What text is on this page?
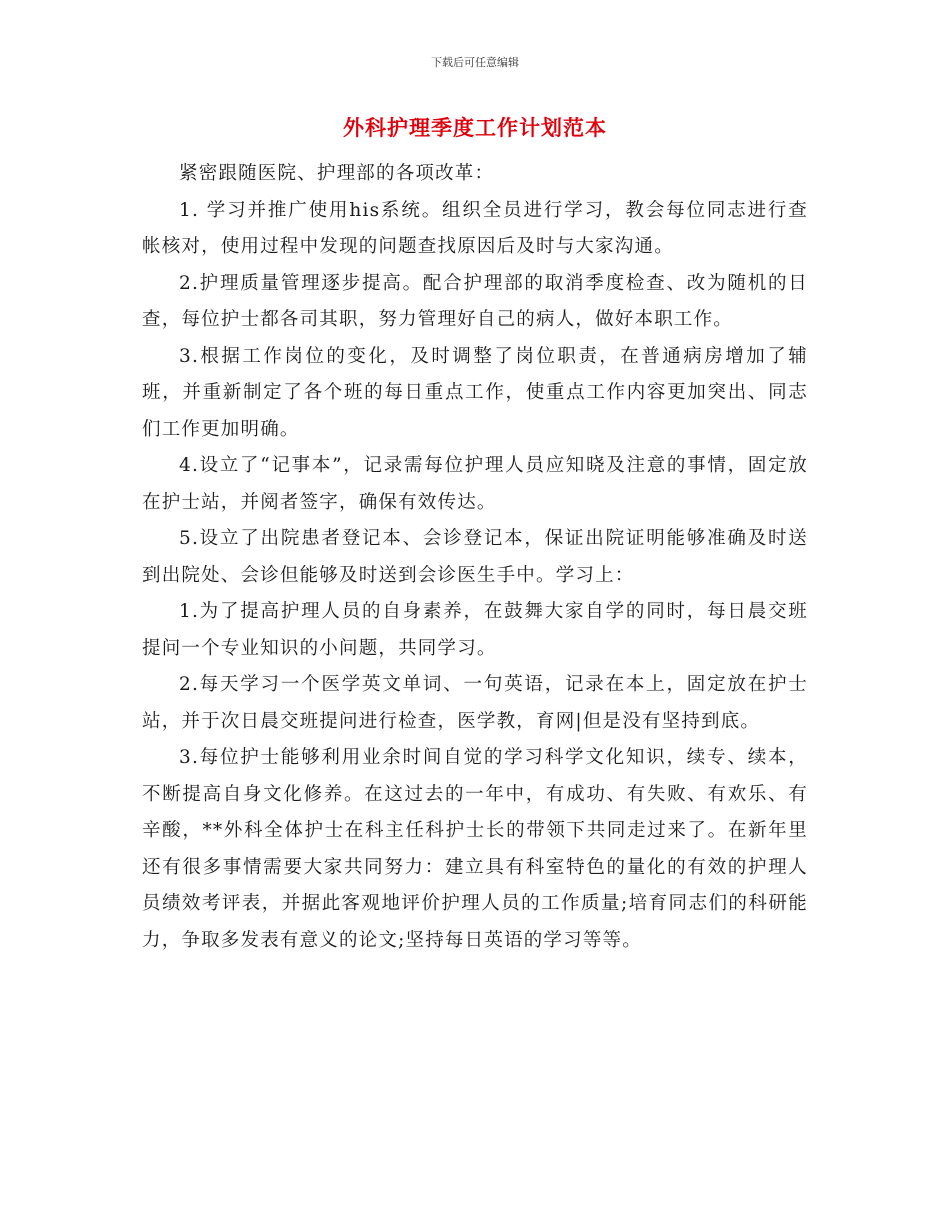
下载后可任意编辑
外科护理季度工作计划范本

紧密跟随医院、护理部的各项改革：

1. 学习并推广使用his系统。组织全员进行学习，教会每位同志进行查帐核对，使用过程中发现的问题查找原因后及时与大家沟通。

2.护理质量管理逐步提高。配合护理部的取消季度检查、改为随机的日查，每位护士都各司其职，努力管理好自己的病人，做好本职工作。

3.根据工作岗位的变化，及时调整了岗位职责，在普通病房增加了辅班，并重新制定了各个班的每日重点工作，使重点工作内容更加突出、同志们工作更加明确。

4.设立了“记事本”，记录需每位护理人员应知晓及注意的事情，固定放在护士站，并阅者签字，确保有效传达。

5.设立了出院患者登记本、会诊登记本，保证出院证明能够准确及时送到出院处、会诊但能够及时送到会诊医生手中。学习上：

1.为了提高护理人员的自身素养，在鼓舞大家自学的同时，每日晨交班提问一个专业知识的小问题，共同学习。

2.每天学习一个医学英文单词、一句英语，记录在本上，固定放在护士站，并于次日晨交班提问进行检查，医学教，育网|但是没有坚持到底。

3.每位护士能够利用业余时间自觉的学习科学文化知识，续专、续本，不断提高自身文化修养。在这过去的一年中，有成功、有失败、有欢乐、有辛酸，**外科全体护士在科主任科护士长的带领下共同走过来了。在新年里还有很多事情需要大家共同努力：建立具有科室特色的量化的有效的护理人员绩效考评表，并据此客观地评价护理人员的工作质量;培育同志们的科研能力，争取多发表有意义的论文;坚持每日英语的学习等等。
